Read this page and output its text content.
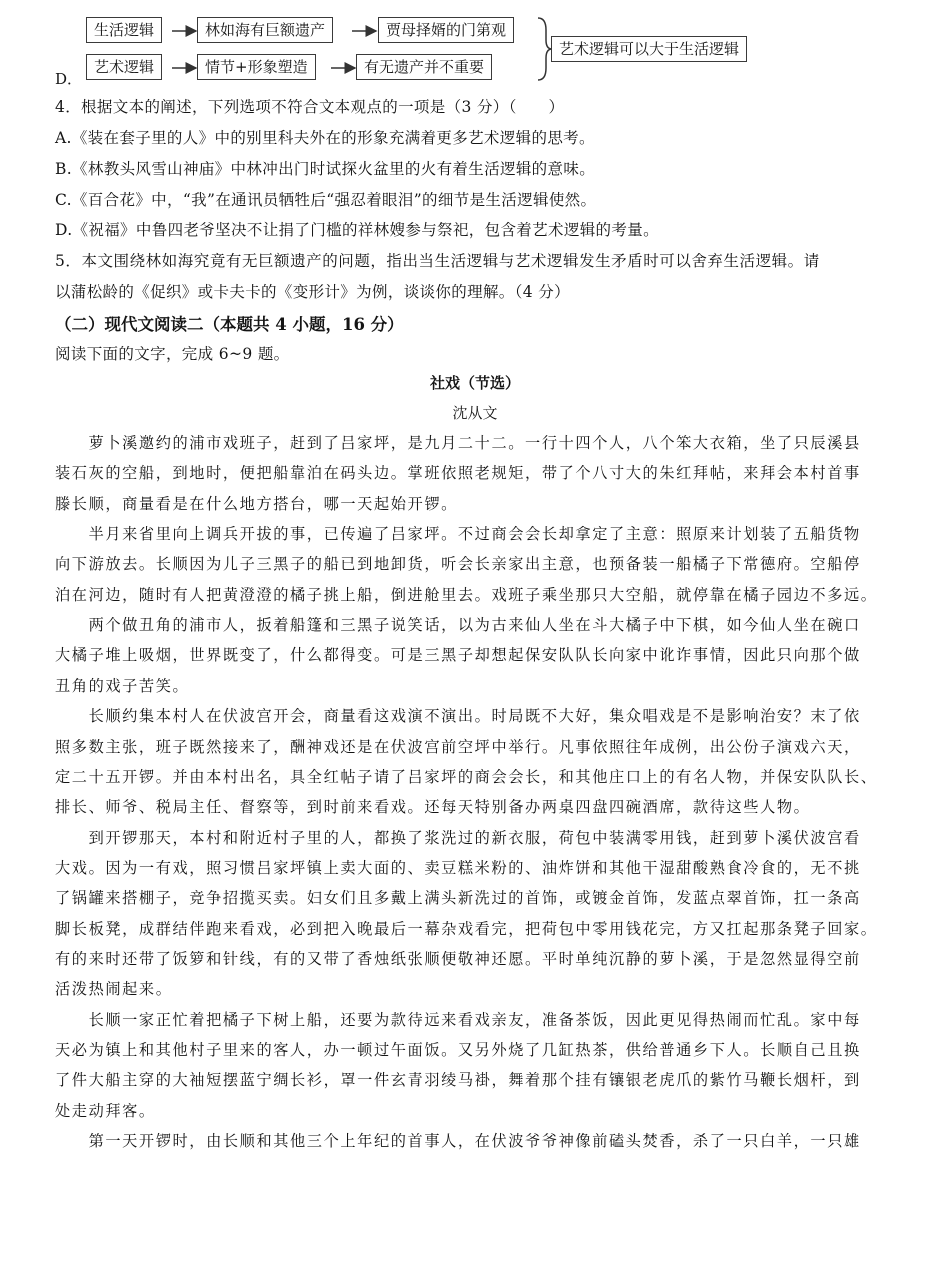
生活逻辑	林如海有巨额遗产	贾母择婿的门第观
艺术逻辑	情节+形象塑造	有无遗产并不重要
艺术逻辑可以大于生活逻辑
D．
4．根据文本的阐述，下列选项不符合文本观点的一项是（3 分）（　　）
A.《装在套子里的人》中的别里科夫外在的形象充满着更多艺术逻辑的思考。
B.《林教头风雪山神庙》中林冲出门时试探火盆里的火有着生活逻辑的意味。
C.《百合花》中，“我”在通讯员牺牲后“强忍着眼泪”的细节是生活逻辑使然。
D.《祝福》中鲁四老爷坚决不让捐了门槛的祥林嫂参与祭祀，包含着艺术逻辑的考量。
5．本文围绕林如海究竟有无巨额遗产的问题，指出当生活逻辑与艺术逻辑发生矛盾时可以舍弃生活逻辑。请
以蒲松龄的《促织》或卡夫卡的《变形计》为例，谈谈你的理解。（4 分）
（二）现代文阅读二（本题共 4 小题，16 分）
阅读下面的文字，完成 6~9 题。
社戏（节选）
沈从文
　　萝卜溪邀约的浦市戏班子，赶到了吕家坪，是九月二十二。一行十四个人，八个笨大衣箱，坐了只辰溪县
装石灰的空船，到地时，便把船靠泊在码头边。掌班依照老规矩，带了个八寸大的朱红拜帖，来拜会本村首事
滕长顺，商量看是在什么地方搭台，哪一天起始开锣。
　　半月来省里向上调兵开拔的事，已传遍了吕家坪。不过商会会长却拿定了主意：照原来计划装了五船货物
向下游放去。长顺因为儿子三黑子的船已到地卸货，听会长亲家出主意，也预备装一船橘子下常德府。空船停
泊在河边，随时有人把黄澄澄的橘子挑上船，倒进舱里去。戏班子乘坐那只大空船，就停靠在橘子园边不多远。
　　两个做丑角的浦市人，扳着船篷和三黑子说笑话，以为古来仙人坐在斗大橘子中下棋，如今仙人坐在碗口
大橘子堆上吸烟，世界既变了，什么都得变。可是三黑子却想起保安队队长向家中讹诈事情，因此只向那个做
丑角的戏子苦笑。
　　长顺约集本村人在伏波宫开会，商量看这戏演不演出。时局既不大好，集众唱戏是不是影响治安？末了依
照多数主张，班子既然接来了，酬神戏还是在伏波宫前空坪中举行。凡事依照往年成例，出公份子演戏六天，
定二十五开锣。并由本村出名，具全红帖子请了吕家坪的商会会长，和其他庄口上的有名人物，并保安队队长、
排长、师爷、税局主任、督察等，到时前来看戏。还每天特别备办两桌四盘四碗酒席，款待这些人物。
　　到开锣那天，本村和附近村子里的人，都换了浆洗过的新衣服，荷包中装满零用钱，赶到萝卜溪伏波宫看
大戏。因为一有戏，照习惯吕家坪镇上卖大面的、卖豆糕米粉的、油炸饼和其他干湿甜酸熟食冷食的，无不挑
了锅罐来搭棚子，竞争招揽买卖。妇女们且多戴上满头新洗过的首饰，或镀金首饰，发蓝点翠首饰，扛一条高
脚长板凳，成群结伴跑来看戏，必到把入晚最后一幕杂戏看完，把荷包中零用钱花完，方又扛起那条凳子回家。
有的来时还带了饭箩和针线，有的又带了香烛纸张顺便敬神还愿。平时单纯沉静的萝卜溪，于是忽然显得空前
活泼热闹起来。
　　长顺一家正忙着把橘子下树上船，还要为款待远来看戏亲友，准备茶饭，因此更见得热闹而忙乱。家中每
天必为镇上和其他村子里来的客人，办一顿过午面饭。又另外烧了几缸热茶，供给普通乡下人。长顺自己且换
了件大船主穿的大袖短摆蓝宁绸长衫，罩一件玄青羽绫马褂，舞着那个挂有镶银老虎爪的紫竹马鞭长烟杆，到
处走动拜客。
　　第一天开锣时，由长顺和其他三个上年纪的首事人，在伏波爷爷神像前磕头焚香，杀了一只白羊，一只雄
